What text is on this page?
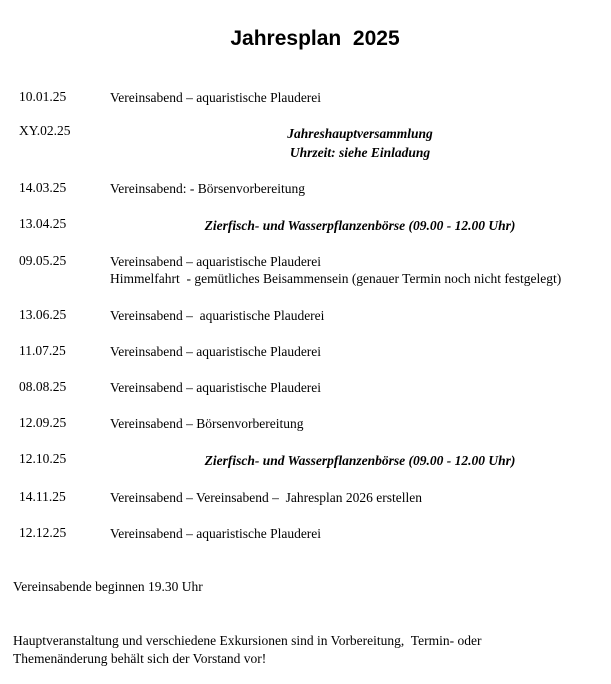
Jahresplan  2025
10.01.25	Vereinsabend – aquaristische Plauderei
XY.02.25	Jahreshauptversammlung
Uhrzeit: siehe Einladung
14.03.25	Vereinsabend: - Börsenvorbereitung
13.04.25	Zierfisch- und Wasserpflanzenbörse (09.00 - 12.00 Uhr)
09.05.25	Vereinsabend – aquaristische Plauderei
Himmelfahrt  - gemütliches Beisammensein (genauer Termin noch nicht festgelegt)
13.06.25	Vereinsabend –  aquaristische Plauderei
11.07.25	Vereinsabend – aquaristische Plauderei
08.08.25	Vereinsabend – aquaristische Plauderei
12.09.25	Vereinsabend – Börsenvorbereitung
12.10.25	Zierfisch- und Wasserpflanzenbörse (09.00 - 12.00 Uhr)
14.11.25	Vereinsabend – Vereinsabend –  Jahresplan 2026 erstellen
12.12.25	Vereinsabend – aquaristische Plauderei
Vereinsabende beginnen 19.30 Uhr
Hauptveranstaltung und verschiedene Exkursionen sind in Vorbereitung,  Termin- oder
Themenänderung behält sich der Vorstand vor!
